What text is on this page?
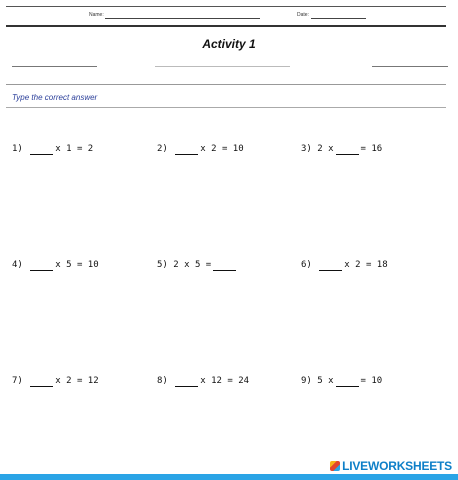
Name:	Date:
Activity 1
Type the correct answer
1)	x 1 = 2	2)	x 2 = 10	3) 2 x	= 16
4)	x 5 = 10	5) 2 x 5 =	6)	x 2 = 18
7)	x 2 = 12	8)	x 12 = 24	9) 5 x	= 10
LIVEWORKSHEETS
